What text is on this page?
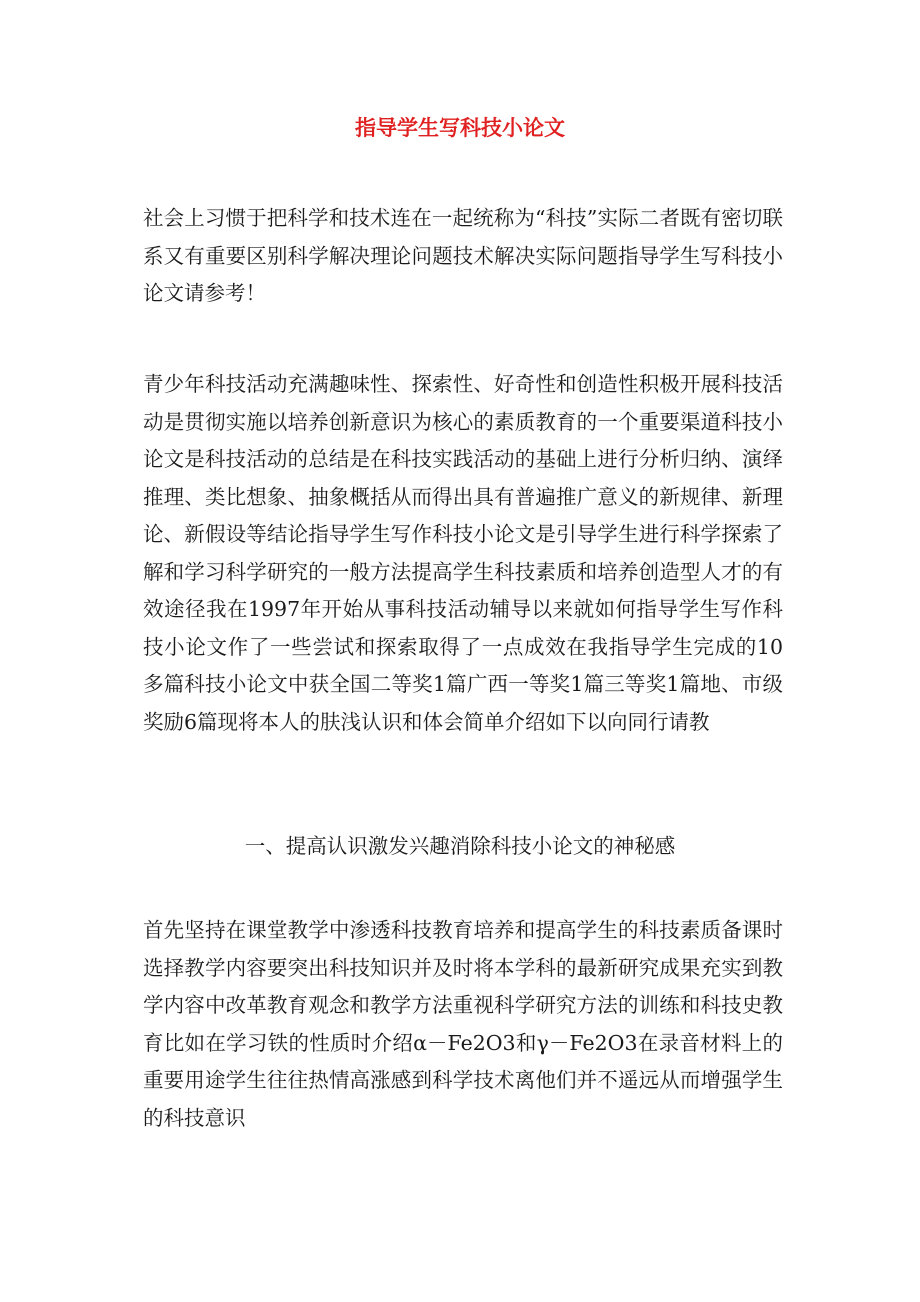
指导学生写科技小论文

社会上习惯于把科学和技术连在一起统称为“科技”实际二者既有密切联系又有重要区别科学解决理论问题技术解决实际问题指导学生写科技小论文请参考！

青少年科技活动充满趣味性、探索性、好奇性和创造性积极开展科技活动是贯彻实施以培养创新意识为核心的素质教育的一个重要渠道科技小论文是科技活动的总结是在科技实践活动的基础上进行分析归纳、演绎推理、类比想象、抽象概括从而得出具有普遍推广意义的新规律、新理论、新假设等结论指导学生写作科技小论文是引导学生进行科学探索了解和学习科学研究的一般方法提高学生科技素质和培养创造型人才的有效途径我在1997年开始从事科技活动辅导以来就如何指导学生写作科技小论文作了一些尝试和探索取得了一点成效在我指导学生完成的10多篇科技小论文中获全国二等奖1篇广西一等奖1篇三等奖1篇地、市级奖励6篇现将本人的肤浅认识和体会简单介绍如下以向同行请教

一、提高认识激发兴趣消除科技小论文的神秘感

首先坚持在课堂教学中渗透科技教育培养和提高学生的科技素质备课时选择教学内容要突出科技知识并及时将本学科的最新研究成果充实到教学内容中改革教育观念和教学方法重视科学研究方法的训练和科技史教育比如在学习铁的性质时介绍α－Fe2O3和γ－Fe2O3在录音材料上的重要用途学生往往热情高涨感到科学技术离他们并不遥远从而增强学生的科技意识
